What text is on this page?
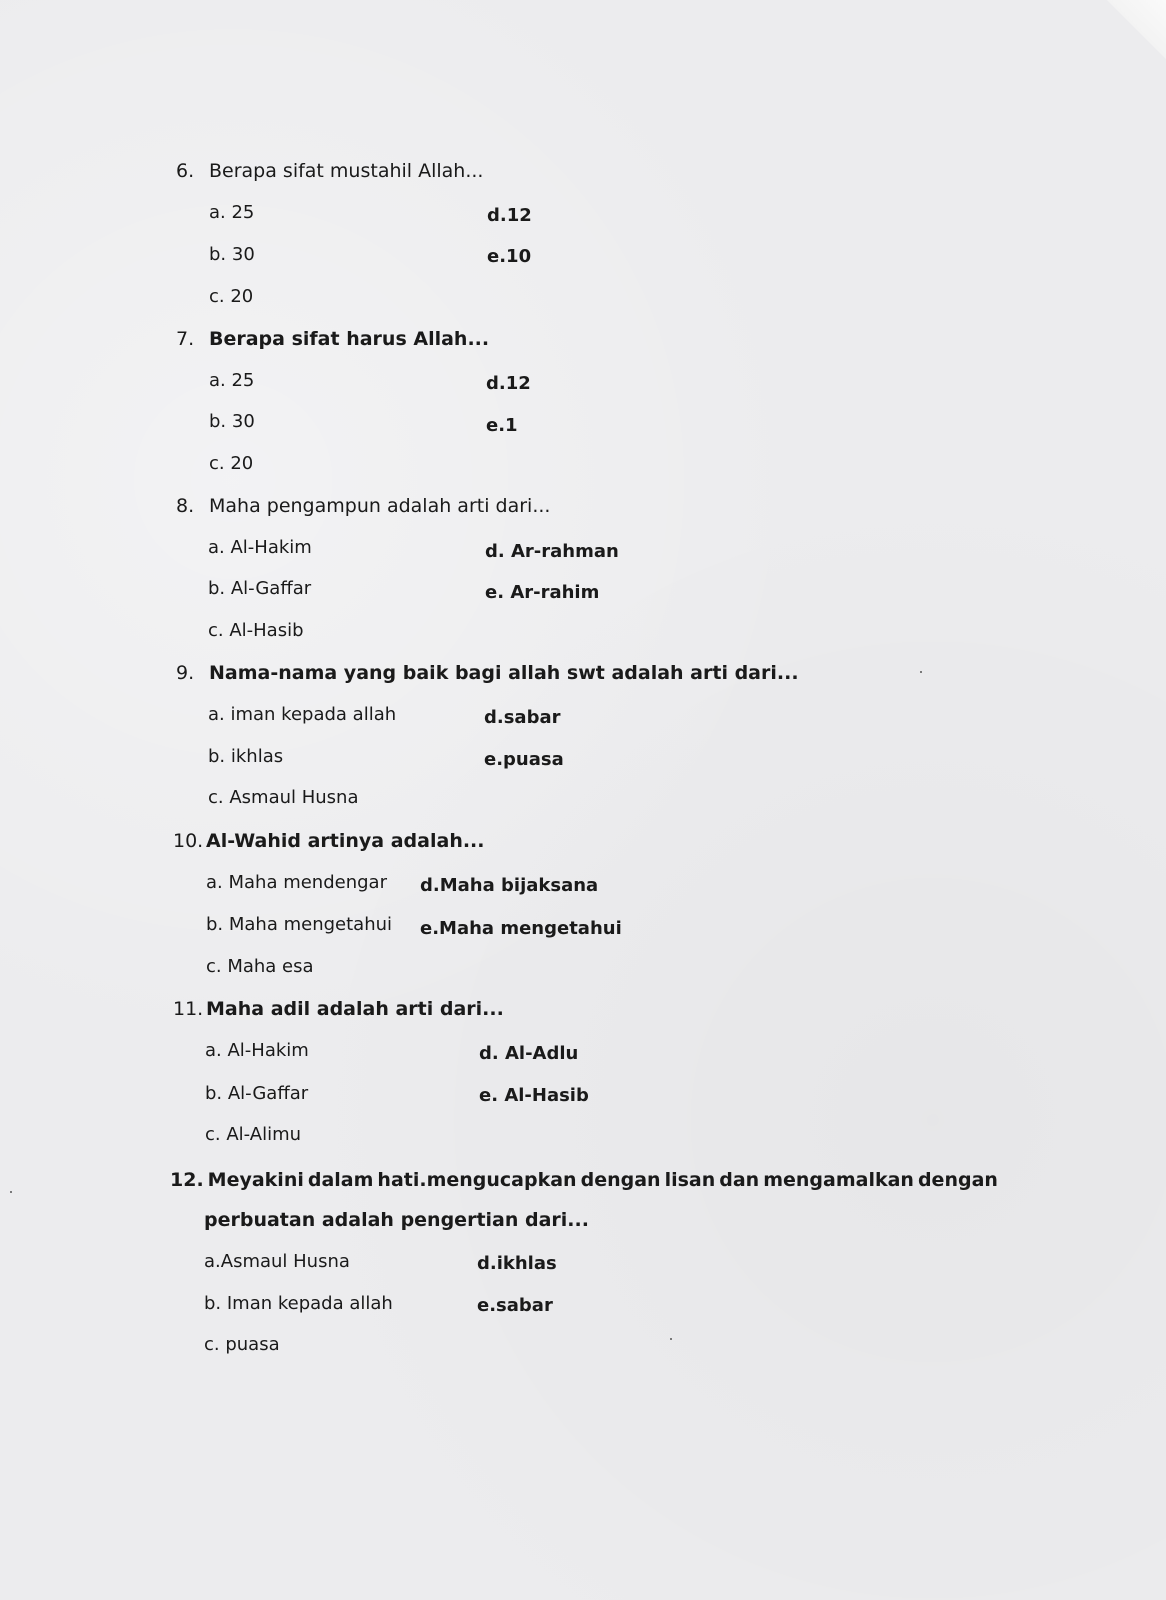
6. Berapa sifat mustahil Allah...
a. 25
b. 30
c. 20
d.12
e.10
7. Berapa sifat harus Allah...
a. 25
b. 30
c. 20
d.12
e.1
8. Maha pengampun adalah arti dari...
a. Al-Hakim
b. Al-Gaffar
c. Al-Hasib
d. Ar-rahman
e. Ar-rahim
9. Nama-nama yang baik bagi allah swt adalah arti dari...
a. iman kepada allah
b. ikhlas
c. Asmaul Husna
d.sabar
e.puasa
10. Al-Wahid artinya adalah...
a. Maha mendengar
b. Maha mengetahui
c. Maha esa
d.Maha bijaksana
e.Maha mengetahui
11. Maha adil adalah arti dari...
a. Al-Hakim
b. Al-Gaffar
c. Al-Alimu
d. Al-Adlu
e. Al-Hasib
12. Meyakini dalam hati.mengucapkan dengan lisan dan mengamalkan dengan
perbuatan adalah pengertian dari...
a.Asmaul Husna
b. Iman kepada allah
c. puasa
d.ikhlas
e.sabar
